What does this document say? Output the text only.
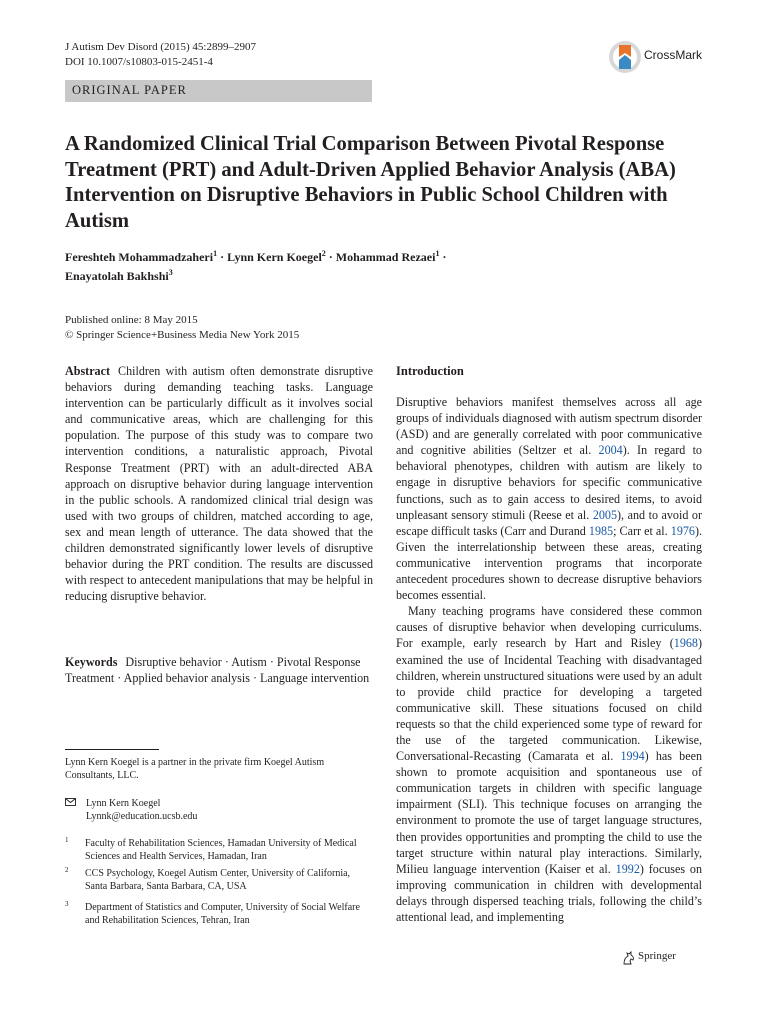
J Autism Dev Disord (2015) 45:2899–2907
DOI 10.1007/s10803-015-2451-4	CrossMark
ORIGINAL PAPER
A Randomized Clinical Trial Comparison Between Pivotal Response Treatment (PRT) and Adult-Driven Applied Behavior Analysis (ABA) Intervention on Disruptive Behaviors in Public School Children with Autism
Fereshteh Mohammadzaheri$^1$ · Lynn Kern Koegel$^2$ · Mohammad Rezaei$^1$ ·
Enayatolah Bakhshi$^3$
Published online: 8 May 2015
© Springer Science+Business Media New York 2015
Abstract Children with autism often demonstrate disruptive behaviors during demanding teaching tasks. Language intervention can be particularly difficult as it involves social and communicative areas, which are challenging for this population. The purpose of this study was to compare two intervention conditions, a naturalistic approach, Pivotal Response Treatment (PRT) with an adult-directed ABA approach on disruptive behavior during language intervention in the public schools. A randomized clinical trial design was used with two groups of children, matched according to age, sex and mean length of utterance. The data showed that the children demonstrated significantly lower levels of disruptive behavior during the PRT condition. The results are discussed with respect to antecedent manipulations that may be helpful in reducing disruptive behavior.
Keywords Disruptive behavior · Autism · Pivotal Response Treatment · Applied behavior analysis · Language intervention
Lynn Kern Koegel is a partner in the private firm Koegel Autism Consultants, LLC.
Lynn Kern Koegel
Lynnk@education.ucsb.edu
1 Faculty of Rehabilitation Sciences, Hamadan University of Medical Sciences and Health Services, Hamadan, Iran
2 CCS Psychology, Koegel Autism Center, University of California, Santa Barbara, Santa Barbara, CA, USA
3 Department of Statistics and Computer, University of Social Welfare and Rehabilitation Sciences, Tehran, Iran
Introduction

Disruptive behaviors manifest themselves across all age groups of individuals diagnosed with autism spectrum disorder (ASD) and are generally correlated with poor communicative and cognitive abilities (Seltzer et al. 2004). In regard to behavioral phenotypes, children with autism are likely to engage in disruptive behaviors for specific communicative functions, such as to gain access to desired items, to avoid unpleasant sensory stimuli (Reese et al. 2005), and to avoid or escape difficult tasks (Carr and Durand 1985; Carr et al. 1976). Given the interrelationship between these areas, creating communicative intervention programs that incorporate antecedent procedures shown to decrease disruptive behaviors becomes essential.

Many teaching programs have considered these common causes of disruptive behavior when developing curriculums. For example, early research by Hart and Risley (1968) examined the use of Incidental Teaching with disadvantaged children, wherein unstructured situations were used by an adult to provide child practice for developing a targeted communicative skill. These situations focused on child requests so that the child experienced some type of reward for the use of the targeted communication. Likewise, Conversational-Recasting (Camarata et al. 1994) has been shown to promote acquisition and spontaneous use of communication targets in children with specific language impairment (SLI). This technique focuses on arranging the environment to promote the use of target language structures, then provides opportunities and prompting the child to use the target structure within natural play interactions. Similarly, Milieu language intervention (Kaiser et al. 1992) focuses on improving communication in children with developmental delays through dispersed teaching trials, following the child’s attentional lead, and implementing

Springer
